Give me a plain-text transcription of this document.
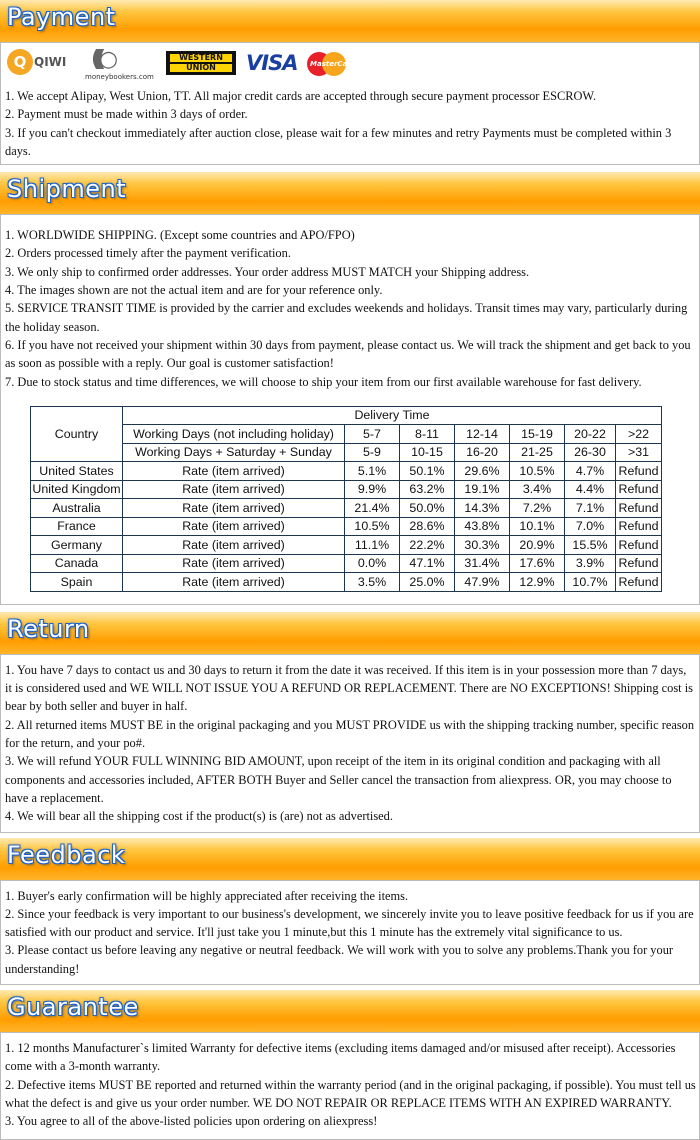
Payment
Q QIWI (((((○
moneybookers.com
WESTERN
UNION	VISA MasterCard

1. We accept Alipay, West Union, TT. All major credit cards are accepted through secure payment processor ESCROW.

2. Payment must be made within 3 days of order.

3. If you can't checkout immediately after auction close, please wait for a few minutes and retry Payments must be completed within 3 days.

Shipment

1. WORLDWIDE SHIPPING. (Except some countries and APO/FPO)

2. Orders processed timely after the payment verification.

3. We only ship to confirmed order addresses. Your order address MUST MATCH your Shipping address.

4. The images shown are not the actual item and are for your reference only.

5. SERVICE TRANSIT TIME is provided by the carrier and excludes weekends and holidays. Transit times may vary, particularly during the holiday season.

6. If you have not received your shipment within 30 days from payment, please contact us. We will track the shipment and get back to you as soon as possible with a reply. Our goal is customer satisfaction!

7. Due to stock status and time differences, we will choose to ship your item from our first available warehouse for fast delivery.

Country	Delivery Time						
	Working Days (not including holiday)	5-7	8-11	12-14	15-19	20-22	>22
	Working Days + Saturday + Sunday	5-9	10-15	16-20	21-25	26-30	>31
United States	Rate (item arrived)	5.1%	50.1%	29.6%	10.5%	4.7%	Refund
United Kingdom	Rate (item arrived)	9.9%	63.2%	19.1%	3.4%	4.4%	Refund
Australia	Rate (item arrived)	21.4%	50.0%	14.3%	7.2%	7.1%	Refund
France	Rate (item arrived)	10.5%	28.6%	43.8%	10.1%	7.0%	Refund
Germany	Rate (item arrived)	11.1%	22.2%	30.3%	20.9%	15.5%	Refund
Canada	Rate (item arrived)	0.0%	47.1%	31.4%	17.6%	3.9%	Refund
Spain	Rate (item arrived)	3.5%	25.0%	47.9%	12.9%	10.7%	Refund
Return

1. You have 7 days to contact us and 30 days to return it from the date it was received. If this item is in your possession more than 7 days, it is considered used and WE WILL NOT ISSUE YOU A REFUND OR REPLACEMENT. There are NO EXCEPTIONS! Shipping cost is bear by both seller and buyer in half.

2. All returned items MUST BE in the original packaging and you MUST PROVIDE us with the shipping tracking number, specific reason for the return, and your po#.

3. We will refund YOUR FULL WINNING BID AMOUNT, upon receipt of the item in its original condition and packaging with all components and accessories included, AFTER BOTH Buyer and Seller cancel the transaction from aliexpress. OR, you may choose to have a replacement.

4. We will bear all the shipping cost if the product(s) is (are) not as advertised.

Feedback

1. Buyer's early confirmation will be highly appreciated after receiving the items.

2. Since your feedback is very important to our business's development, we sincerely invite you to leave positive feedback for us if you are satisfied with our product and service. It'll just take you 1 minute,but this 1 minute has the extremely vital significance to us.

3. Please contact us before leaving any negative or neutral feedback. We will work with you to solve any problems.Thank you for your understanding!

Guarantee

1. 12 months Manufacturer`s limited Warranty for defective items (excluding items damaged and/or misused after receipt). Accessories come with a 3-month warranty.

2. Defective items MUST BE reported and returned within the warranty period (and in the original packaging, if possible). You must tell us what the defect is and give us your order number. WE DO NOT REPAIR OR REPLACE ITEMS WITH AN EXPIRED WARRANTY.

3. You agree to all of the above-listed policies upon ordering on aliexpress!
